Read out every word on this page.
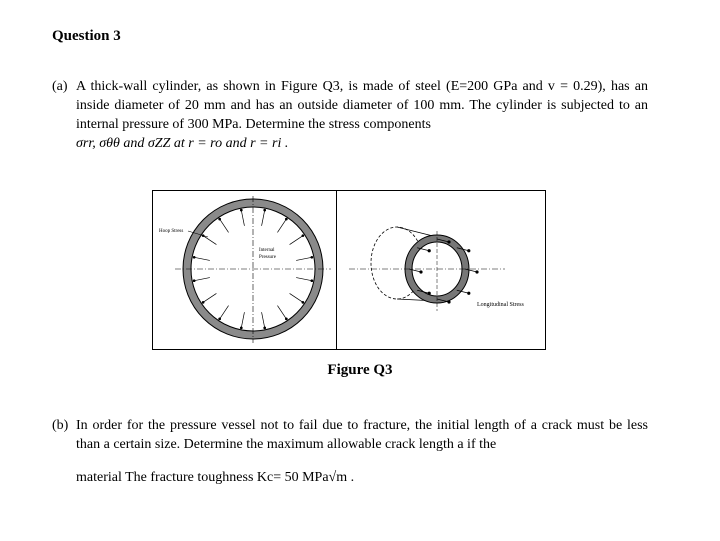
Question 3
(a) A thick-wall cylinder, as shown in Figure Q3, is made of steel (E=200 GPa and v = 0.29), has an inside diameter of 20 mm and has an outside diameter of 100 mm. The cylinder is subjected to an internal pressure of 300 MPa. Determine the stress components
σrr, σθθ and σZZ at r = ro and r = ri .
Hoop Stress
Internal
Pressure
Longitudinal Stress
Figure Q3
(b) In order for the pressure vessel not to fail due to fracture, the initial length of a crack must be less than a certain size. Determine the maximum allowable crack length a if the
material The fracture toughness Kc= 50 MPa√m .
